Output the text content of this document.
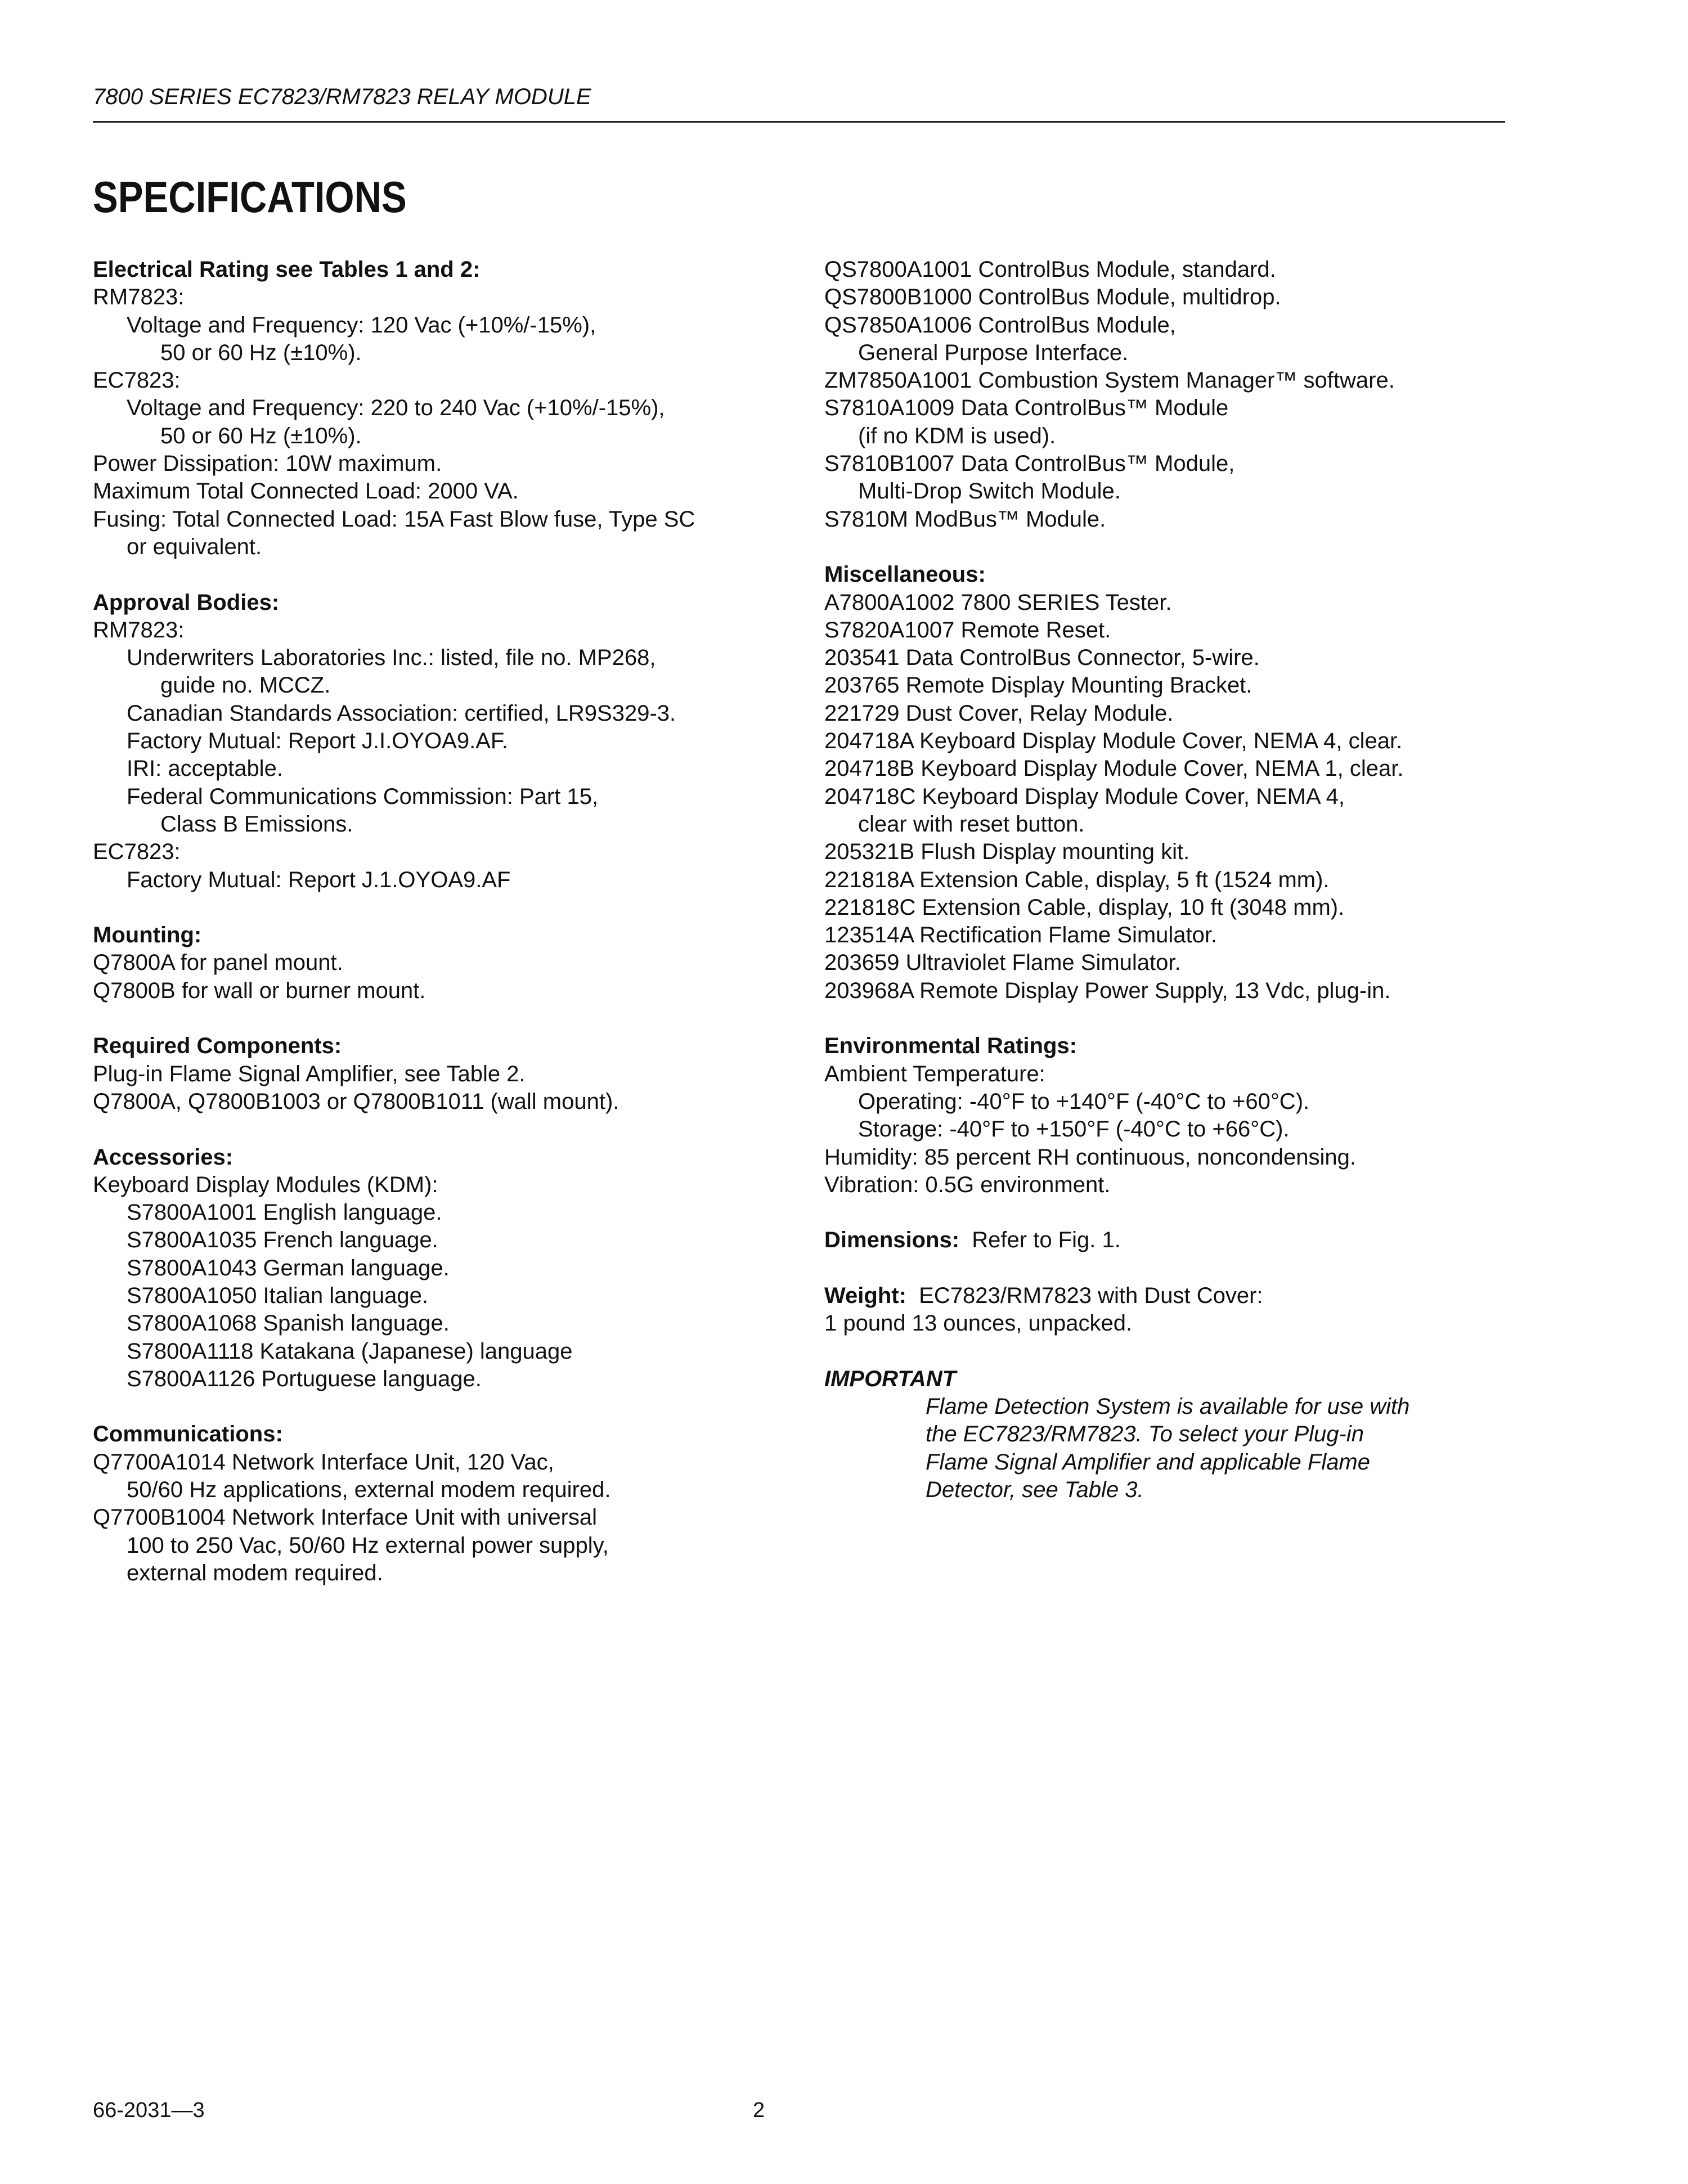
7800 SERIES EC7823/RM7823 RELAY MODULE
SPECIFICATIONS

Electrical Rating see Tables 1 and 2:

RM7823:

Voltage and Frequency: 120 Vac (+10%/-15%),

50 or 60 Hz (±10%).

EC7823:

Voltage and Frequency: 220 to 240 Vac (+10%/-15%),

50 or 60 Hz (±10%).

Power Dissipation: 10W maximum.

Maximum Total Connected Load: 2000 VA.

Fusing: Total Connected Load: 15A Fast Blow fuse, Type SC

or equivalent.

Approval Bodies:

RM7823:

Underwriters Laboratories Inc.: listed, file no. MP268,

guide no. MCCZ.

Canadian Standards Association: certified, LR9S329-3.

Factory Mutual: Report J.I.OYOA9.AF.

IRI: acceptable.

Federal Communications Commission: Part 15,

Class B Emissions.

EC7823:

Factory Mutual: Report J.1.OYOA9.AF

Mounting:

Q7800A for panel mount.

Q7800B for wall or burner mount.

Required Components:

Plug-in Flame Signal Amplifier, see Table 2.

Q7800A, Q7800B1003 or Q7800B1011 (wall mount).

Accessories:

Keyboard Display Modules (KDM):

S7800A1001 English language.

S7800A1035 French language.

S7800A1043 German language.

S7800A1050 Italian language.

S7800A1068 Spanish language.

S7800A1118 Katakana (Japanese) language

S7800A1126 Portuguese language.

Communications:

Q7700A1014 Network Interface Unit, 120 Vac,

50/60 Hz applications, external modem required.

Q7700B1004 Network Interface Unit with universal

100 to 250 Vac, 50/60 Hz external power supply,

external modem required.

QS7800A1001 ControlBus Module, standard.

QS7800B1000 ControlBus Module, multidrop.

QS7850A1006 ControlBus Module,

General Purpose Interface.

ZM7850A1001 Combustion System Manager™ software.

S7810A1009 Data ControlBus™ Module

(if no KDM is used).

S7810B1007 Data ControlBus™ Module,

Multi-Drop Switch Module.

S7810M ModBus™ Module.

Miscellaneous:

A7800A1002 7800 SERIES Tester.

S7820A1007 Remote Reset.

203541 Data ControlBus Connector, 5-wire.

203765 Remote Display Mounting Bracket.

221729 Dust Cover, Relay Module.

204718A Keyboard Display Module Cover, NEMA 4, clear.

204718B Keyboard Display Module Cover, NEMA 1, clear.

204718C Keyboard Display Module Cover, NEMA 4,

clear with reset button.

205321B Flush Display mounting kit.

221818A Extension Cable, display, 5 ft (1524 mm).

221818C Extension Cable, display, 10 ft (3048 mm).

123514A Rectification Flame Simulator.

203659 Ultraviolet Flame Simulator.

203968A Remote Display Power Supply, 13 Vdc, plug-in.

Environmental Ratings:

Ambient Temperature:

Operating: -40°F to +140°F (-40°C to +60°C).

Storage: -40°F to +150°F (-40°C to +66°C).

Humidity: 85 percent RH continuous, noncondensing.

Vibration: 0.5G environment.

Dimensions: Refer to Fig. 1.

Weight: EC7823/RM7823 with Dust Cover:

1 pound 13 ounces, unpacked.

IMPORTANT

Flame Detection System is available for use with

the EC7823/RM7823. To select your Plug-in

Flame Signal Amplifier and applicable Flame

Detector, see Table 3.

66-2031—3	2
